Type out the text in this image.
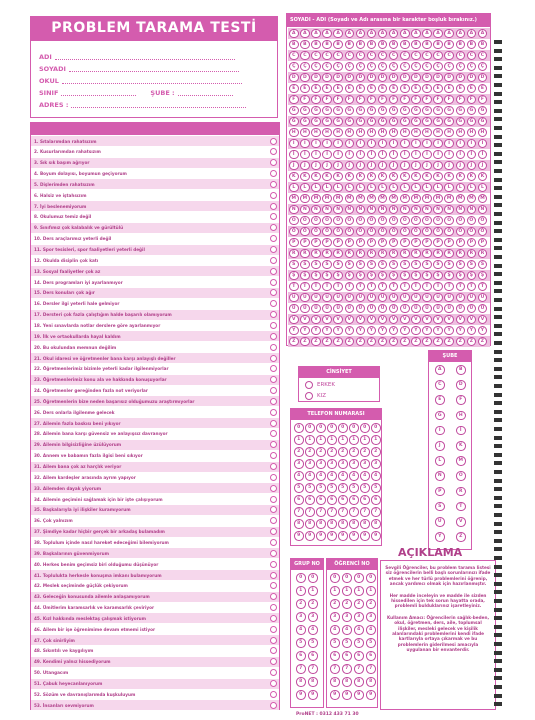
PROBLEM TARAMA TESTİ
ADI
SOYADI
OKUL
SINIF	ŞUBE :
ADRES :
1. Sıtalarımdan rahatsızım
2. Kusurlarımdan rahatsızım
3. Sık sık başım ağrıyor
4. Boyum dolayısı, boyumun geçiyorum
5. Dişlerimden rahatsızım
6. Halsiz ve iştahsızım
7. İyi beslenemiyorum
8. Okulumuz temiz değil
9. Sınıfımız çok kalabalık ve gürültülü
10. Ders araçlarımız yeterli değil
11. Spor tesisleri, spor faaliyetleri yeterli değil
12. Okulda disiplin çok katı
13. Sosyal faaliyetler çok az
14. Ders programları iyi ayarlanmıyor
15. Ders konuları çok ağır
16. Dersler ilgi yeterli hale gelmiyor
17. Dersteri çok fazla çalıştığım halde başarılı olamıyorum
18. Yeni sınavlarda notlar derslere göre ayarlanmıyor
19. İlk ve ortaokullarda hayal kaldım
20. Bu okulundan memnun değilim
21. Okul idaresi ve öğretmenler bana karşı anlayışlı değiller
22. Öğretmenlerimiz bizimle yeterli kadar ilgilenmiyorlar
23. Öğretmenlerimiz konu ala ve hakkında konuşuyorlar
24. Öğretmenler gereğinden fazla not veriyorlar
25. Öğretmenlerin bize neden başarısız olduğumuzu araştırmıyorlar
26. Ders onlarla ilgilenme gelecek
27. Ailemin fazla baskısı beni yıkıyor
28. Ailemin bana karşı güvensiz ve anlayışsız davranıyor
29. Ailemin bilgisizliğine üzülüyorum
30. Annem ve babamın fazla ilgisi beni sıkıyor
31. Ailem bana çok az harçlık veriyor
32. Ailem kardeşler arasında ayrım yapıyor
33. Ailemden dayak yiyorum
34. Ailemin geçimini sağlamak için bir işte çalışıyorum
35. Başkalarıyla iyi ilişkiler kuramıyorum
36. Çok yalnızım
37. Şimdiye kadar hiçbir gerçek bir arkadaş bulamadım
38. Toplulum içinde nasıl hareket edeceğimi bilemiyorum
39. Başkalarının güvenmiyorum
40. Herkes benim geçimsiz biri olduğumu düşünüyor
41. Toplulukta herkesle konuşma imkanı bulamıyorum
42. Meslek seçiminde güçlük çekiyorum
43. Geleceğin konusunda ailemle anlaşamıyorum
44. Ümitlerim karamsarlık ve karamsarlık çeviriyor
45. Kızl hakkında meslektaş çalışmak istiyorum
46. Ailem bir işe öğrenimime devam etmemi istiyor
47. Çok sinirliyim
48. Sıkıntılı ve kaygılıyım
49. Kendimi yalnız hissediyorum
50. Utangacım
51. Çabuk heyecanlanıyorum
52. Sözüm ve davranışlarımda kuşkuluyum
53. İnsanları sevmiyorum
SOYADI - ADI (Soyadı ve Adı arasına bir karakter boşluk bırakınız.)
A	A	A	A	A	A	A	A	A	A	A	A	A	A	A	A	A	A
B	B	B	B	B	B	B	B	B	B	B	B	B	B	B	B	B	B
C	C	C	C	C	C	C	C	C	C	C	C	C	C	C	C	C	C
Ç	Ç	Ç	Ç	Ç	Ç	Ç	Ç	Ç	Ç	Ç	Ç	Ç	Ç	Ç	Ç	Ç	Ç
D	D	D	D	D	D	D	D	D	D	D	D	D	D	D	D	D	D
E	E	E	E	E	E	E	E	E	E	E	E	E	E	E	E	E	E
F	F	F	F	F	F	F	F	F	F	F	F	F	F	F	F	F	F
G	G	G	G	G	G	G	G	G	G	G	G	G	G	G	G	G	G
Ğ	Ğ	Ğ	Ğ	Ğ	Ğ	Ğ	Ğ	Ğ	Ğ	Ğ	Ğ	Ğ	Ğ	Ğ	Ğ	Ğ	Ğ
H	H	H	H	H	H	H	H	H	H	H	H	H	H	H	H	H	H
I	I	I	I	I	I	I	I	I	I	I	I	I	I	I	I	I	I
İ	İ	İ	İ	İ	İ	İ	İ	İ	İ	İ	İ	İ	İ	İ	İ	İ	İ
J	J	J	J	J	J	J	J	J	J	J	J	J	J	J	J	J	J
K	K	K	K	K	K	K	K	K	K	K	K	K	K	K	K	K	K
L	L	L	L	L	L	L	L	L	L	L	L	L	L	L	L	L	L
M	M	M	M	M	M	M	M	M	M	M	M	M	M	M	M	M	M
N	N	N	N	N	N	N	N	N	N	N	N	N	N	N	N	N	N
O	O	O	O	O	O	O	O	O	O	O	O	O	O	O	O	O	O
Ö	Ö	Ö	Ö	Ö	Ö	Ö	Ö	Ö	Ö	Ö	Ö	Ö	Ö	Ö	Ö	Ö	Ö
P	P	P	P	P	P	P	P	P	P	P	P	P	P	P	P	P	P
R	R	R	R	R	R	R	R	R	R	R	R	R	R	R	R	R	R
S	S	S	S	S	S	S	S	S	S	S	S	S	S	S	S	S	S
Ş	Ş	Ş	Ş	Ş	Ş	Ş	Ş	Ş	Ş	Ş	Ş	Ş	Ş	Ş	Ş	Ş	Ş
T	T	T	T	T	T	T	T	T	T	T	T	T	T	T	T	T	T
U	U	U	U	U	U	U	U	U	U	U	U	U	U	U	U	U	U
Ü	Ü	Ü	Ü	Ü	Ü	Ü	Ü	Ü	Ü	Ü	Ü	Ü	Ü	Ü	Ü	Ü	Ü
V	V	V	V	V	V	V	V	V	V	V	V	V	V	V	V	V	V
Y	Y	Y	Y	Y	Y	Y	Y	Y	Y	Y	Y	Y	Y	Y	Y	Y	Y
Z	Z	Z	Z	Z	Z	Z	Z	Z	Z	Z	Z	Z	Z	Z	Z	Z	Z
CİNSİYET
ERKEK
KIZ
ŞUBE
A	B
C	D
E	F
G	H
I	İ
J	K
L	M
N	O
P	R
S	T
U	V
Y	Z
TELEFON NUMARASI
0	0	0	0	0	0	0	0
1	1	1	1	1	1	1	1
2	2	2	2	2	2	2	2
3	3	3	3	3	3	3	3
4	4	4	4	4	4	4	4
5	5	5	5	5	5	5	5
6	6	6	6	6	6	6	6
7	7	7	7	7	7	7	7
8	8	8	8	8	8	8	8
9	9	9	9	9	9	9	9
GRUP NO
0	0
1	1
2	2
3	3
4	4
5	5
6	6
7	7
8	8
9	9
ÖĞRENCİ NO
0	0	0	0
1	1	1	1
2	2	2	2
3	3	3	3
4	4	4	4
5	5	5	5
6	6	6	6
7	7	7	7
8	8	8	8
9	9	9	9
AÇIKLAMA

Sevgili Öğrenciler, bu problem tarama listesi siz öğrencilerin belli başlı sorunlarınızı ifade etmek ve her türlü problemlerini öğrenip, ancak yardımcı olmak için hazırlanmıştır.

Her madde inceleyin ve madde ile sizden hissedilen için tek sorun hayatta orada, problemli bulduklarınız işaretleyiniz.

Kullanım Amacı: Öğrencilerin sağlık-beden, okul, öğretmen, ders, aile, toplumsal ilişkiler, mesleki gelecek ve kişilik alanlarındaki problemlerini kendi ifade kartlarıyla ortaya çıkarmak ve bu problemlerin giderilmesi amacıyla uygulanan bir envanterdir.

ProNET : 0312 433 71 30
